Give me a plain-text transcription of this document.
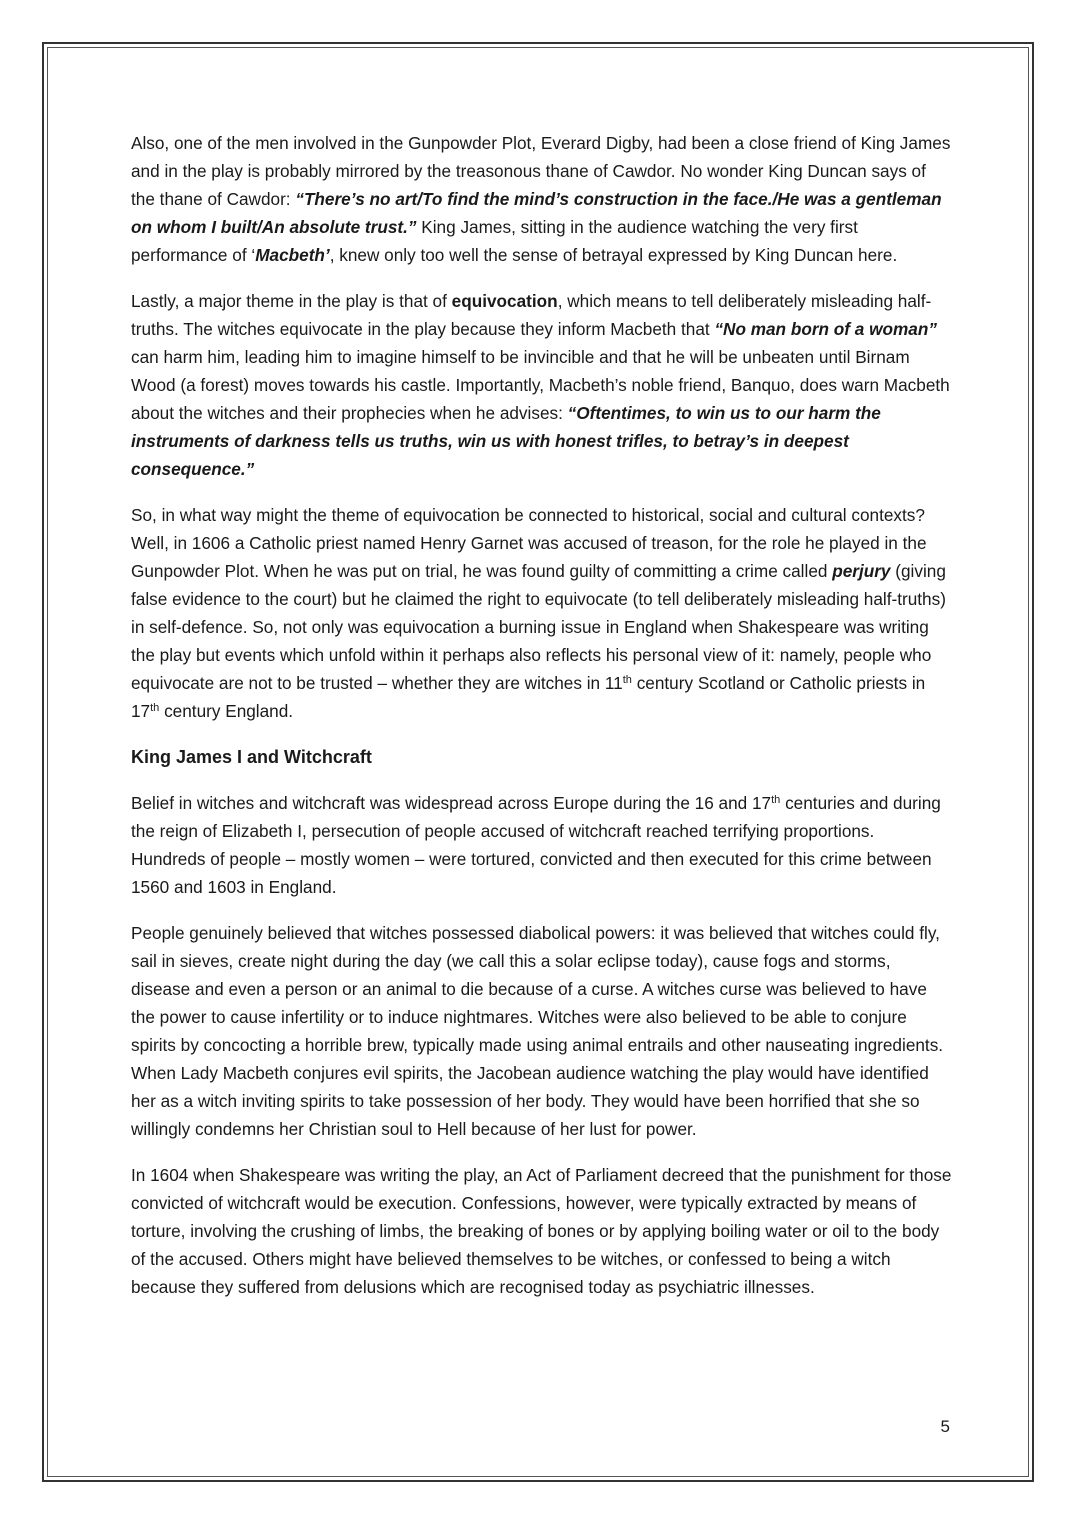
Also, one of the men involved in the Gunpowder Plot, Everard Digby, had been a close friend of King James and in the play is probably mirrored by the treasonous thane of Cawdor. No wonder King Duncan says of the thane of Cawdor: “There’s no art/To find the mind’s construction in the face./He was a gentleman on whom I built/An absolute trust.” King James, sitting in the audience watching the very first performance of ‘Macbeth’, knew only too well the sense of betrayal expressed by King Duncan here.

Lastly, a major theme in the play is that of equivocation, which means to tell deliberately misleading half-truths. The witches equivocate in the play because they inform Macbeth that “No man born of a woman” can harm him, leading him to imagine himself to be invincible and that he will be unbeaten until Birnam Wood (a forest) moves towards his castle. Importantly, Macbeth’s noble friend, Banquo, does warn Macbeth about the witches and their prophecies when he advises: “Oftentimes, to win us to our harm the instruments of darkness tells us truths, win us with honest trifles, to betray’s in deepest consequence.”

So, in what way might the theme of equivocation be connected to historical, social and cultural contexts? Well, in 1606 a Catholic priest named Henry Garnet was accused of treason, for the role he played in the Gunpowder Plot. When he was put on trial, he was found guilty of committing a crime called perjury (giving false evidence to the court) but he claimed the right to equivocate (to tell deliberately misleading half-truths) in self-defence. So, not only was equivocation a burning issue in England when Shakespeare was writing the play but events which unfold within it perhaps also reflects his personal view of it: namely, people who equivocate are not to be trusted – whether they are witches in 11th century Scotland or Catholic priests in 17th century England.

King James I and Witchcraft

Belief in witches and witchcraft was widespread across Europe during the 16 and 17th centuries and during the reign of Elizabeth I, persecution of people accused of witchcraft reached terrifying proportions. Hundreds of people – mostly women – were tortured, convicted and then executed for this crime between 1560 and 1603 in England.

People genuinely believed that witches possessed diabolical powers: it was believed that witches could fly, sail in sieves, create night during the day (we call this a solar eclipse today), cause fogs and storms, disease and even a person or an animal to die because of a curse. A witches curse was believed to have the power to cause infertility or to induce nightmares. Witches were also believed to be able to conjure spirits by concocting a horrible brew, typically made using animal entrails and other nauseating ingredients. When Lady Macbeth conjures evil spirits, the Jacobean audience watching the play would have identified her as a witch inviting spirits to take possession of her body. They would have been horrified that she so willingly condemns her Christian soul to Hell because of her lust for power.

In 1604 when Shakespeare was writing the play, an Act of Parliament decreed that the punishment for those convicted of witchcraft would be execution. Confessions, however, were typically extracted by means of torture, involving the crushing of limbs, the breaking of bones or by applying boiling water or oil to the body of the accused. Others might have believed themselves to be witches, or confessed to being a witch because they suffered from delusions which are recognised today as psychiatric illnesses.

5
